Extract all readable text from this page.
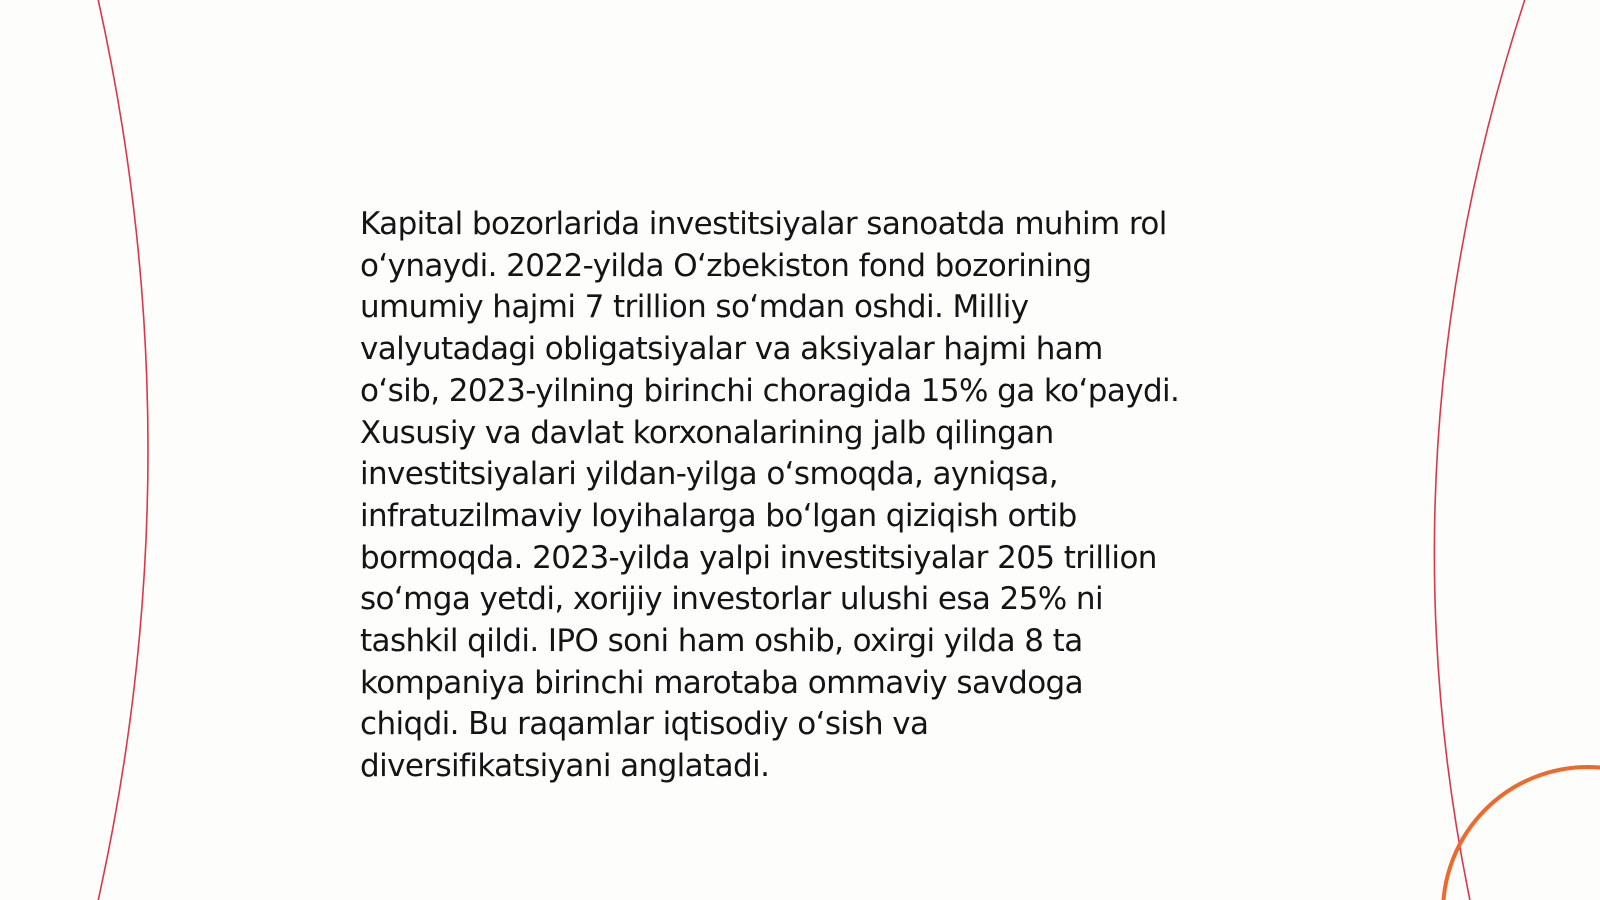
Kapital bozorlarida investitsiyalar sanoatda muhim rol
o‘ynaydi. 2022-yilda O‘zbekiston fond bozorining
umumiy hajmi 7 trillion so‘mdan oshdi. Milliy
valyutadagi obligatsiyalar va aksiyalar hajmi ham
o‘sib, 2023-yilning birinchi choragida 15% ga ko‘paydi.
Xususiy va davlat korxonalarining jalb qilingan
investitsiyalari yildan-yilga o‘smoqda, ayniqsa,
infratuzilmaviy loyihalarga bo‘lgan qiziqish ortib
bormoqda. 2023-yilda yalpi investitsiyalar 205 trillion
so‘mga yetdi, xorijiy investorlar ulushi esa 25% ni
tashkil qildi. IPO soni ham oshib, oxirgi yilda 8 ta
kompaniya birinchi marotaba ommaviy savdoga
chiqdi. Bu raqamlar iqtisodiy o‘sish va
diversifikatsiyani anglatadi.
